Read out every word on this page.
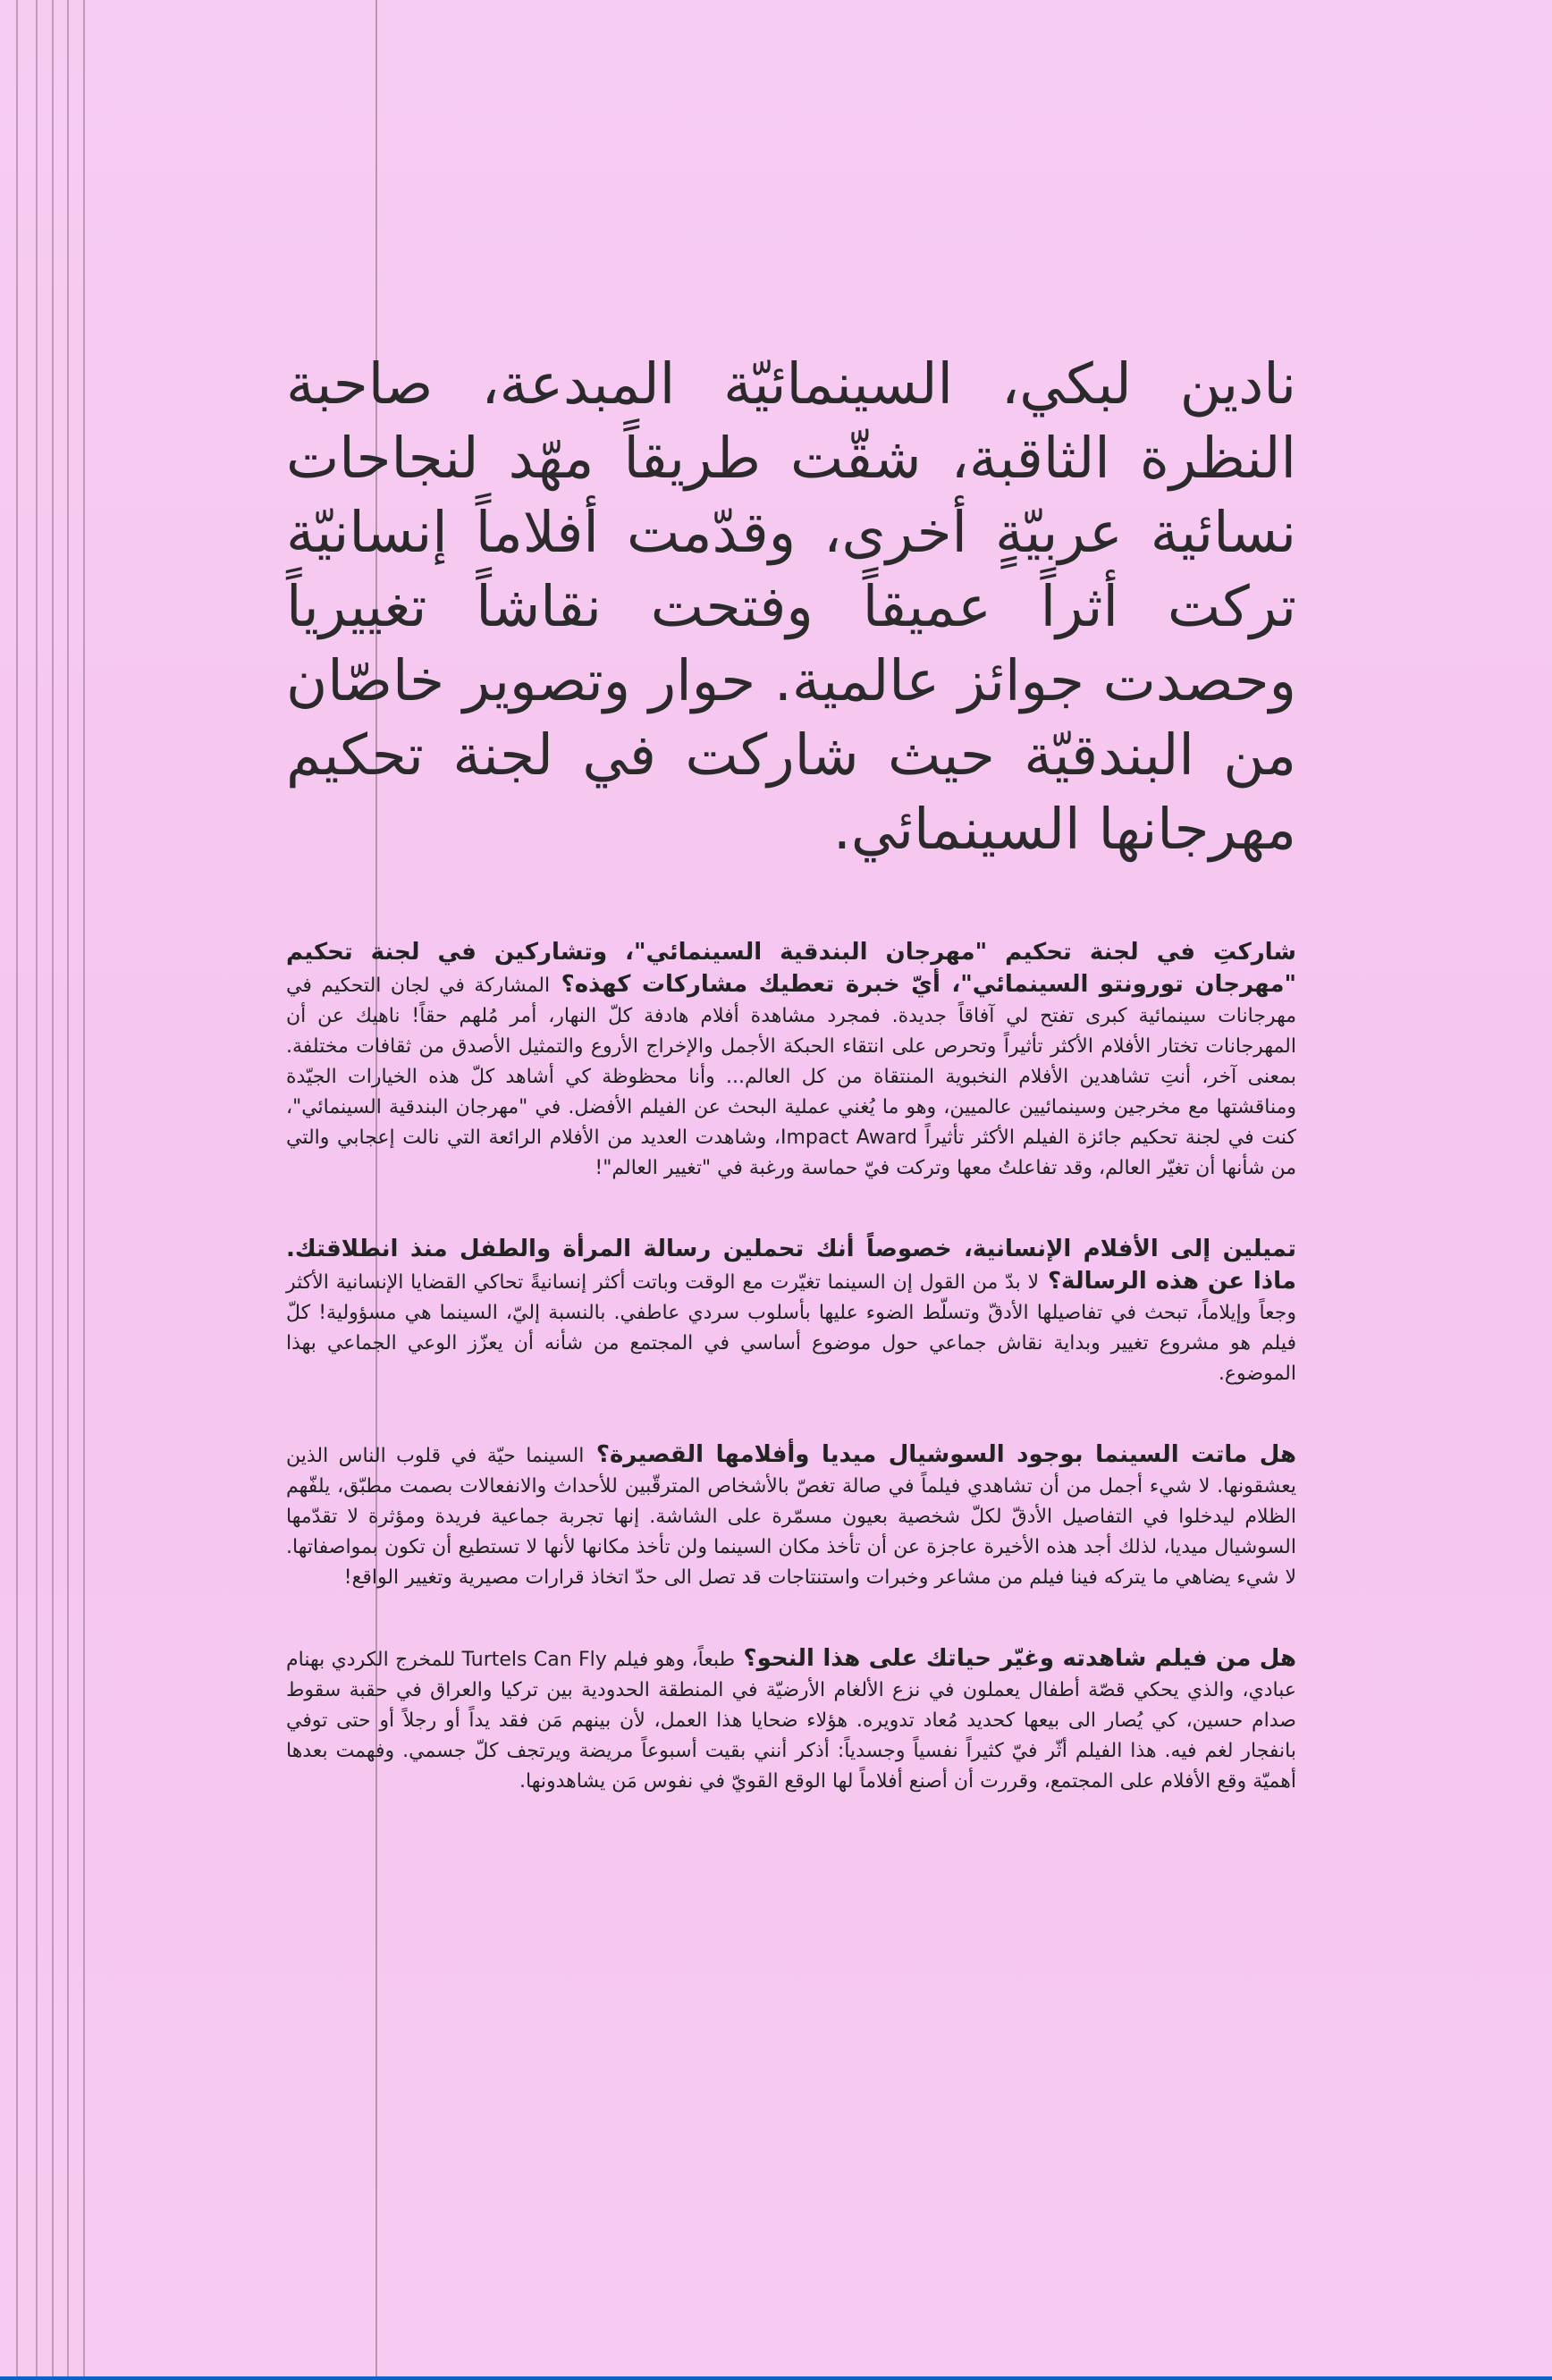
نادين لبكي، السينمائيّة المبدعة، صاحبة النظرة الثاقبة، شقّت طريقاً مهّد لنجاحات نسائية عربيّةٍ أخرى، وقدّمت أفلاماً إنسانيّة تركت أثراً عميقاً وفتحت نقاشاً تغييرياً وحصدت جوائز عالمية. حوار وتصوير خاصّان من البندقيّة حيث شاركت في لجنة تحكيم مهرجانها السينمائي.

شاركتِ في لجنة تحكيم "مهرجان البندقية السينمائي"، وتشاركين في لجنة تحكيم "مهرجان تورونتو السينمائي"، أيّ خبرة تعطيك مشاركات كهذه؟ المشاركة في لجان التحكيم في مهرجانات سينمائية كبرى تفتح لي آفاقاً جديدة. فمجرد مشاهدة أفلام هادفة كلّ النهار، أمر مُلهم حقاً! ناهيك عن أن المهرجانات تختار الأفلام الأكثر تأثيراً وتحرص على انتقاء الحبكة الأجمل والإخراج الأروع والتمثيل الأصدق من ثقافات مختلفة. بمعنى آخر، أنتِ تشاهدين الأفلام النخبوية المنتقاة من كل العالم... وأنا محظوظة كي أشاهد كلّ هذه الخيارات الجيّدة ومناقشتها مع مخرجين وسينمائيين عالميين، وهو ما يُغني عملية البحث عن الفيلم الأفضل. في "مهرجان البندقية السينمائي"، كنت في لجنة تحكيم جائزة الفيلم الأكثر تأثيراً Impact Award، وشاهدت العديد من الأفلام الرائعة التي نالت إعجابي والتي من شأنها أن تغيّر العالم، وقد تفاعلتُ معها وتركت فيّ حماسة ورغبة في "تغيير العالم"!

تميلين إلى الأفلام الإنسانية، خصوصاً أنك تحملين رسالة المرأة والطفل منذ انطلاقتك. ماذا عن هذه الرسالة؟ لا بدّ من القول إن السينما تغيّرت مع الوقت وباتت أكثر إنسانيةً تحاكي القضايا الإنسانية الأكثر وجعاً وإيلاماً، تبحث في تفاصيلها الأدقّ وتسلّط الضوء عليها بأسلوب سردي عاطفي. بالنسبة إليّ، السينما هي مسؤولية! كلّ فيلم هو مشروع تغيير وبداية نقاش جماعي حول موضوع أساسي في المجتمع من شأنه أن يعزّز الوعي الجماعي بهذا الموضوع.

هل ماتت السينما بوجود السوشيال ميديا وأفلامها القصيرة؟ السينما حيّة في قلوب الناس الذين يعشقونها. لا شيء أجمل من أن تشاهدي فيلماً في صالة تغصّ بالأشخاص المترقّبين للأحداث والانفعالات بصمت مطبّق، يلفّهم الظلام ليدخلوا في التفاصيل الأدقّ لكلّ شخصية بعيون مسمّرة على الشاشة. إنها تجربة جماعية فريدة ومؤثرة لا تقدّمها السوشيال ميديا، لذلك أجد هذه الأخيرة عاجزة عن أن تأخذ مكان السينما ولن تأخذ مكانها لأنها لا تستطيع أن تكون بمواصفاتها. لا شيء يضاهي ما يتركه فينا فيلم من مشاعر وخبرات واستنتاجات قد تصل الى حدّ اتخاذ قرارات مصيرية وتغيير الواقع!

هل من فيلم شاهدته وغيّر حياتك على هذا النحو؟ طبعاً، وهو فيلم Turtels Can Fly للمخرج الكردي بهنام عبادي، والذي يحكي قصّة أطفال يعملون في نزع الألغام الأرضيّة في المنطقة الحدودية بين تركيا والعراق في حقبة سقوط صدام حسين، كي يُصار الى بيعها كحديد مُعاد تدويره. هؤلاء ضحايا هذا العمل، لأن بينهم مَن فقد يداً أو رجلاً أو حتى توفي بانفجار لغم فيه. هذا الفيلم أثّر فيّ كثيراً نفسياً وجسدياً: أذكر أنني بقيت أسبوعاً مريضة ويرتجف كلّ جسمي. وفهمت بعدها أهميّة وقع الأفلام على المجتمع، وقررت أن أصنع أفلاماً لها الوقع القويّ في نفوس مَن يشاهدونها.
